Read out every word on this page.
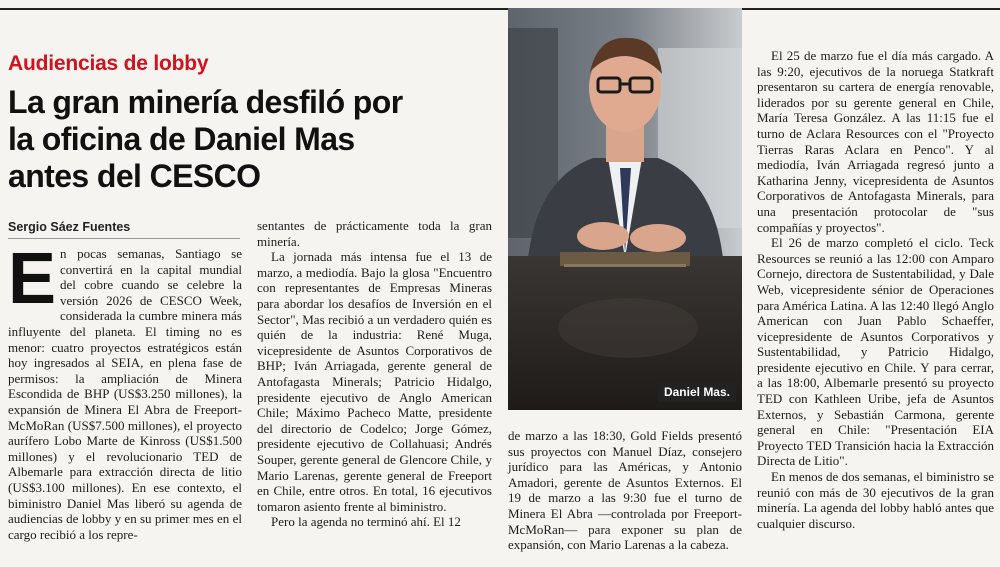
Audiencias de lobby
La gran minería desfiló por
la oficina de Daniel Mas
antes del CESCO
Sergio Sáez Fuentes

En pocas semanas, Santiago se convertirá en la capital mundial del cobre cuando se celebre la versión 2026 de CESCO Week, considerada la cumbre minera más influyente del planeta. El timing no es menor: cuatro proyectos estratégicos están hoy ingresados al SEIA, en plena fase de permisos: la ampliación de Minera Escondida de BHP (US$3.250 millones), la expansión de Minera El Abra de Freeport-McMoRan (US$7.500 millones), el proyecto aurífero Lobo Marte de Kinross (US$1.500 millones) y el revolucionario TED de Albemarle para extracción directa de litio (US$3.100 millones). En ese contexto, el biministro Daniel Mas liberó su agenda de audiencias de lobby y en su primer mes en el cargo recibió a los repre-

sentantes de prácticamente toda la gran minería.

La jornada más intensa fue el 13 de marzo, a mediodía. Bajo la glosa "Encuentro con representantes de Empresas Mineras para abordar los desafíos de Inversión en el Sector", Mas recibió a un verdadero quién es quién de la industria: René Muga, vicepresidente de Asuntos Corporativos de BHP; Iván Arriagada, gerente general de Antofagasta Minerals; Patricio Hidalgo, presidente ejecutivo de Anglo American Chile; Máximo Pacheco Matte, presidente del directorio de Codelco; Jorge Gómez, presidente ejecutivo de Collahuasi; Andrés Souper, gerente general de Glencore Chile, y Mario Larenas, gerente general de Freeport en Chile, entre otros. En total, 16 ejecutivos tomaron asiento frente al biministro.

Pero la agenda no terminó ahí. El 12

Daniel Mas.

de marzo a las 18:30, Gold Fields presentó sus proyectos con Manuel Díaz, consejero jurídico para las Américas, y Antonio Amadori, gerente de Asuntos Externos. El 19 de marzo a las 9:30 fue el turno de Minera El Abra —controlada por Freeport-McMoRan— para exponer su plan de expansión, con Mario Larenas a la cabeza.

El 25 de marzo fue el día más cargado. A las 9:20, ejecutivos de la noruega Statkraft presentaron su cartera de energía renovable, liderados por su gerente general en Chile, María Teresa González. A las 11:15 fue el turno de Aclara Resources con el "Proyecto Tierras Raras Aclara en Penco". Y al mediodía, Iván Arriagada regresó junto a Katharina Jenny, vicepresidenta de Asuntos Corporativos de Antofagasta Minerals, para una presentación protocolar de "sus compañías y proyectos".

El 26 de marzo completó el ciclo. Teck Resources se reunió a las 12:00 con Amparo Cornejo, directora de Sustentabilidad, y Dale Web, vicepresidente sénior de Operaciones para América Latina. A las 12:40 llegó Anglo American con Juan Pablo Schaeffer, vicepresidente de Asuntos Corporativos y Sustentabilidad, y Patricio Hidalgo, presidente ejecutivo en Chile. Y para cerrar, a las 18:00, Albemarle presentó su proyecto TED con Kathleen Uribe, jefa de Asuntos Externos, y Sebastián Carmona, gerente general en Chile: "Presentación EIA Proyecto TED Transición hacia la Extracción Directa de Litio".

En menos de dos semanas, el biministro se reunió con más de 30 ejecutivos de la gran minería. La agenda del lobby habló antes que cualquier discurso.
